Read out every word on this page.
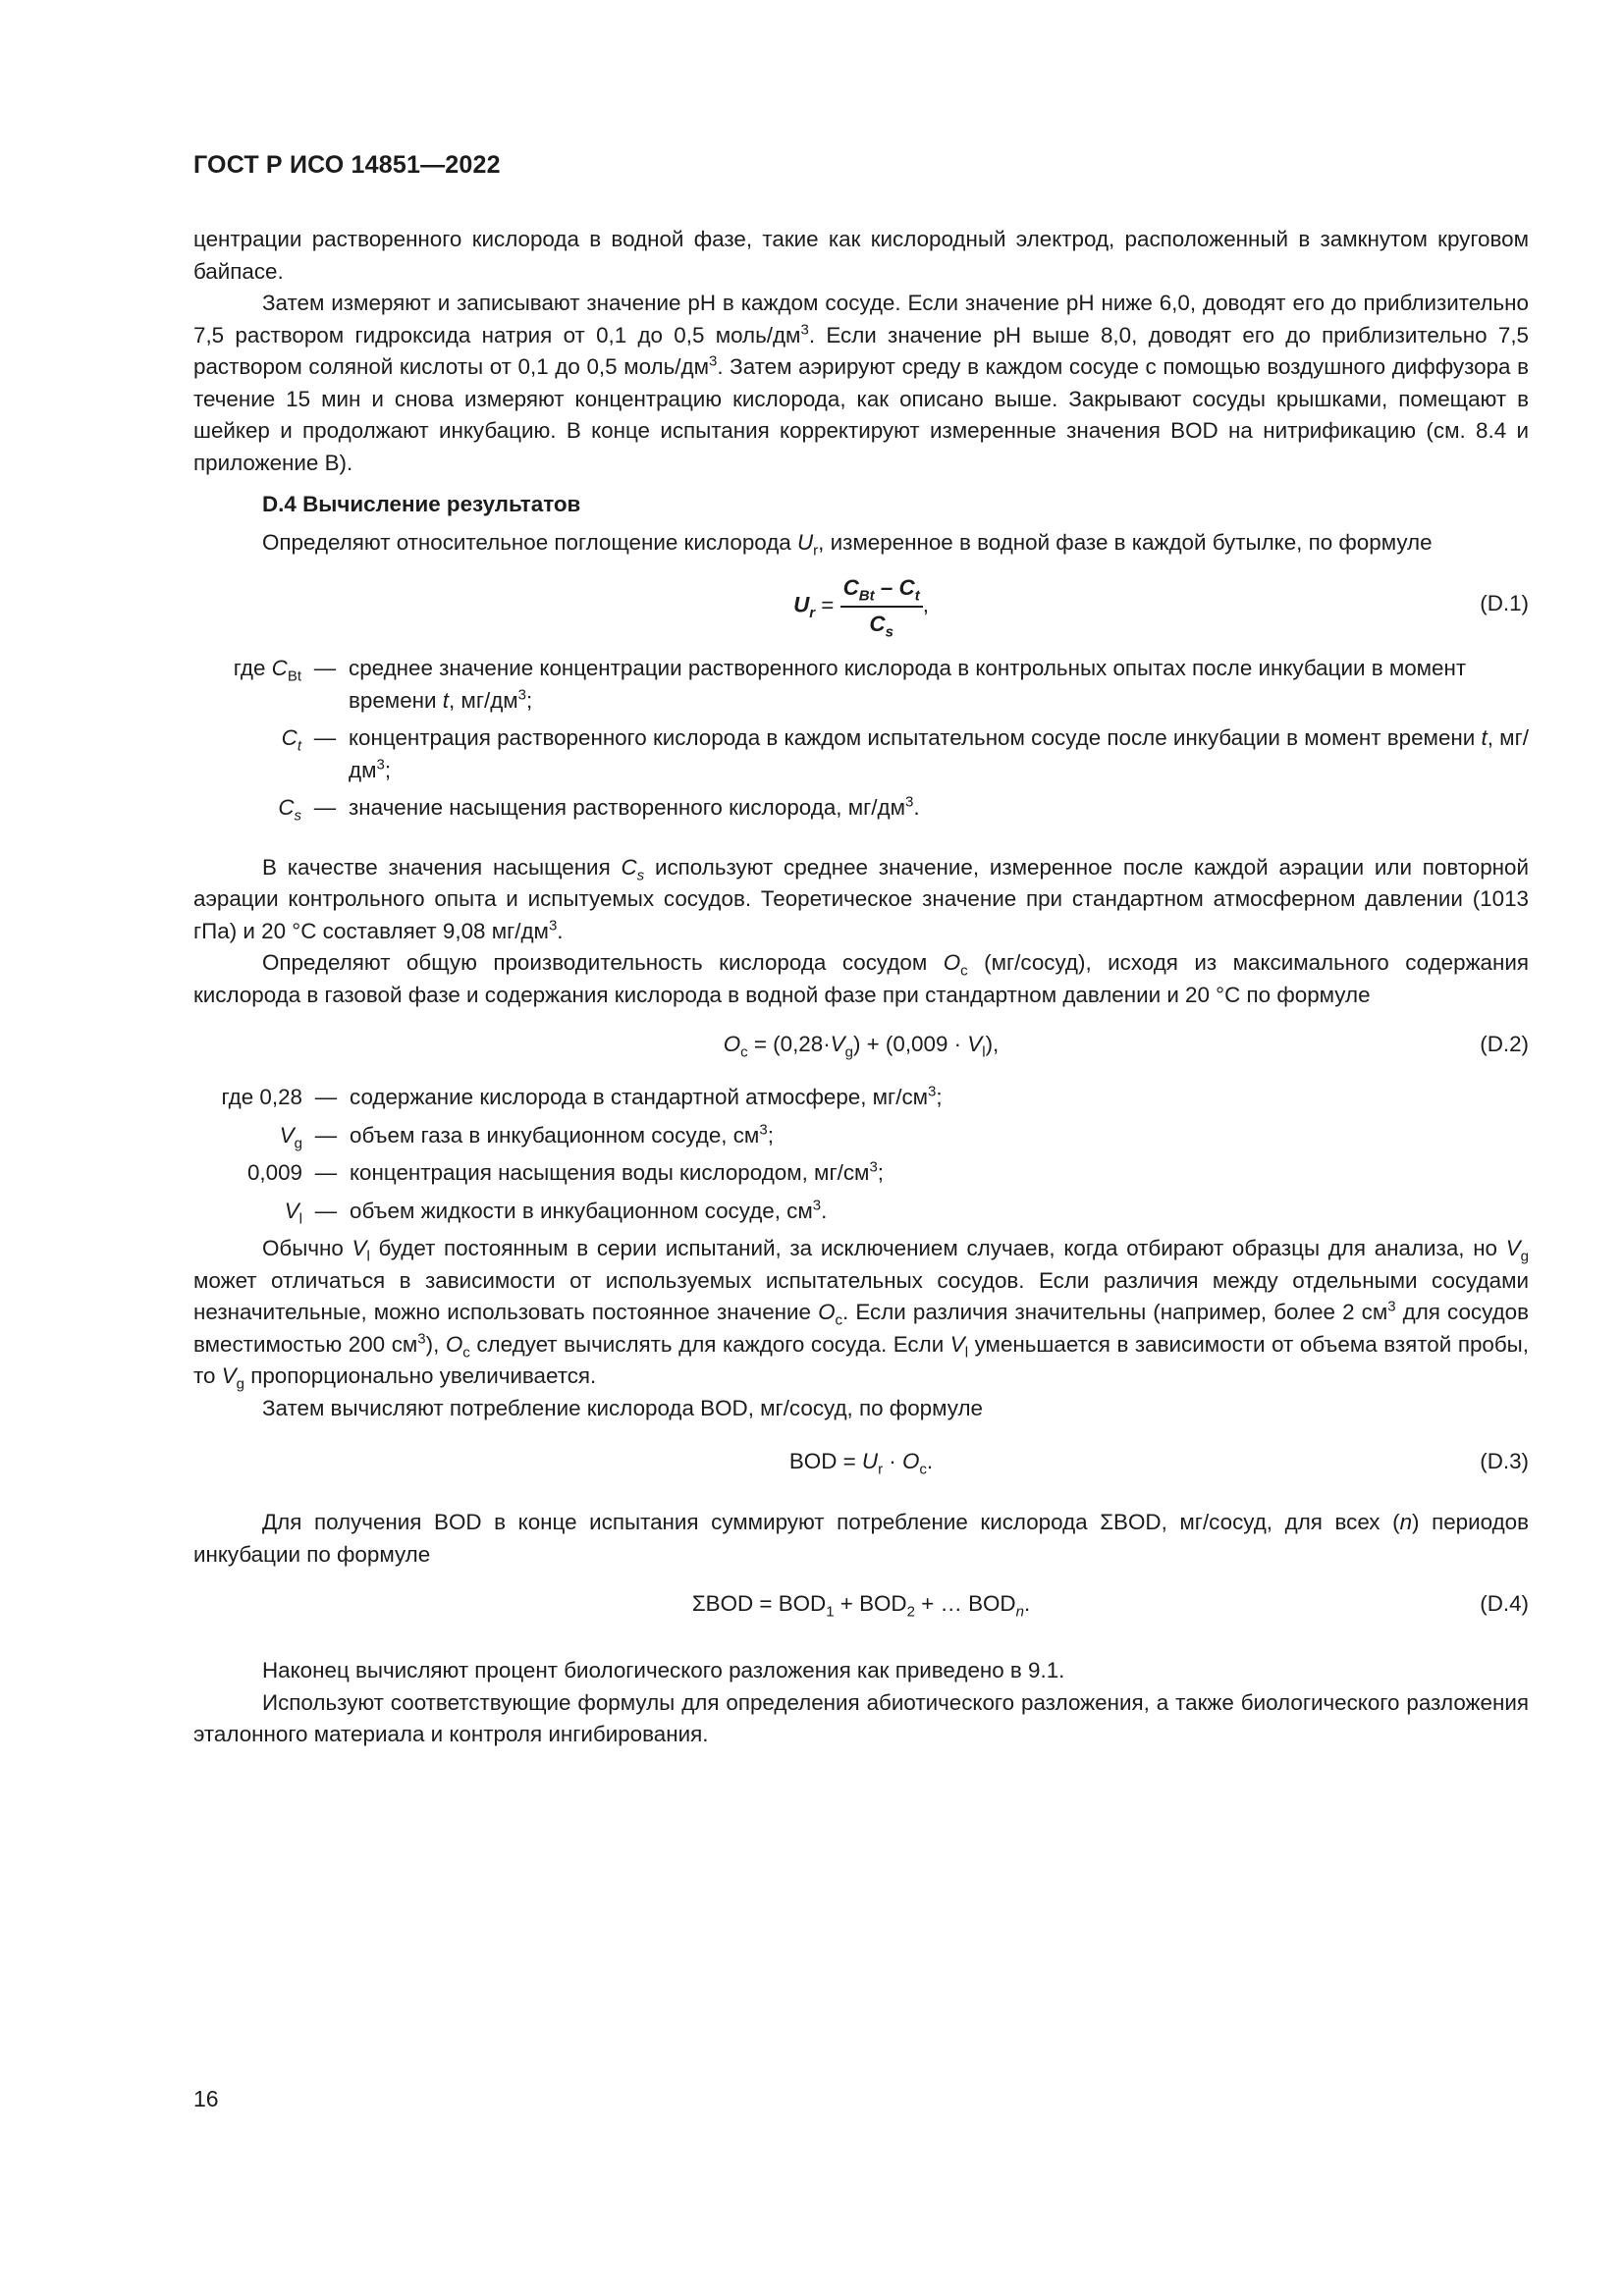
ГОСТ Р ИСО 14851—2022

центрации растворенного кислорода в водной фазе, такие как кислородный электрод, расположенный в замкнутом круговом байпасе.

Затем измеряют и записывают значение pH в каждом сосуде. Если значение pH ниже 6,0, доводят его до приблизительно 7,5 раствором гидроксида натрия от 0,1 до 0,5 моль/$дм^3$. Если значение pH выше 8,0, доводят его до приблизительно 7,5 раствором соляной кислоты от 0,1 до 0,5 моль/$дм^3$. Затем аэрируют среду в каждом сосуде с помощью воздушного диффузора в течение 15 мин и снова измеряют концентрацию кислорода, как описано выше. Закрывают сосуды крышками, помещают в шейкер и продолжают инкубацию. В конце испытания корректируют измеренные значения BOD на нитрификацию (см. 8.4 и приложение В).

D.4 Вычисление результатов

Определяют относительное поглощение кислорода $U_r$, измеренное в водной фазе в каждой бутылке, по формуле

$U_r = \frac{C_{Bt} - C_t}{C_s}$ ,	(D.1)
где $C_{Bt}$ — среднее значение концентрации растворенного кислорода в контрольных опытах после инкубации в момент времени t, $мг/дм^3$;
$C_t$ — концентрация растворенного кислорода в каждом испытательном сосуде после инкубации в момент времени t, $мг/дм^3$;
$C_s$ — значение насыщения растворенного кислорода, $мг/дм^3$.

В качестве значения насыщения $C_s$ используют среднее значение, измеренное после каждой аэрации или повторной аэрации контрольного опыта и испытуемых сосудов. Теоретическое значение при стандартном атмосферном давлении (1013 гПа) и 20 °С составляет 9,08 $мг/дм^3$.

Определяют общую производительность кислорода сосудом $O_c$ (мг/сосуд), исходя из максимального содержания кислорода в газовой фазе и содержания кислорода в водной фазе при стандартном давлении и 20 °С по формуле

$O_c = (0,28\cdot V_g) + (0,009 \cdot V_l)$,	(D.2)
где 0,28 — содержание кислорода в стандартной атмосфере, $мг/см^3$;
$V_g$ — объем газа в инкубационном сосуде, $см^3$;
0,009 — концентрация насыщения воды кислородом, $мг/см^3$;
$V_l$ — объем жидкости в инкубационном сосуде, $см^3$.

Обычно $V_l$ будет постоянным в серии испытаний, за исключением случаев, когда отбирают образцы для анализа, но $V_g$ может отличаться в зависимости от используемых испытательных сосудов. Если различия между отдельными сосудами незначительные, можно использовать постоянное значение $O_c$. Если различия значительны (например, более 2 $см^3$ для сосудов вместимостью 200 $см^3$), $O_c$ следует вычислять для каждого сосуда. Если $V_l$ уменьшается в зависимости от объема взятой пробы, то $V_g$ пропорционально увеличивается.

Затем вычисляют потребление кислорода BOD, мг/сосуд, по формуле

BOD = $U_r \cdot O_c$.	(D.3)

Для получения BOD в конце испытания суммируют потребление кислорода ΣBOD, мг/сосуд, для всех (n) периодов инкубации по формуле

$\Sigma BOD = BOD_1 + BOD_2$ + … $BOD_n$.	(D.4)

Наконец вычисляют процент биологического разложения как приведено в 9.1.

Используют соответствующие формулы для определения абиотического разложения, а также биологического разложения эталонного материала и контроля ингибирования.

16
